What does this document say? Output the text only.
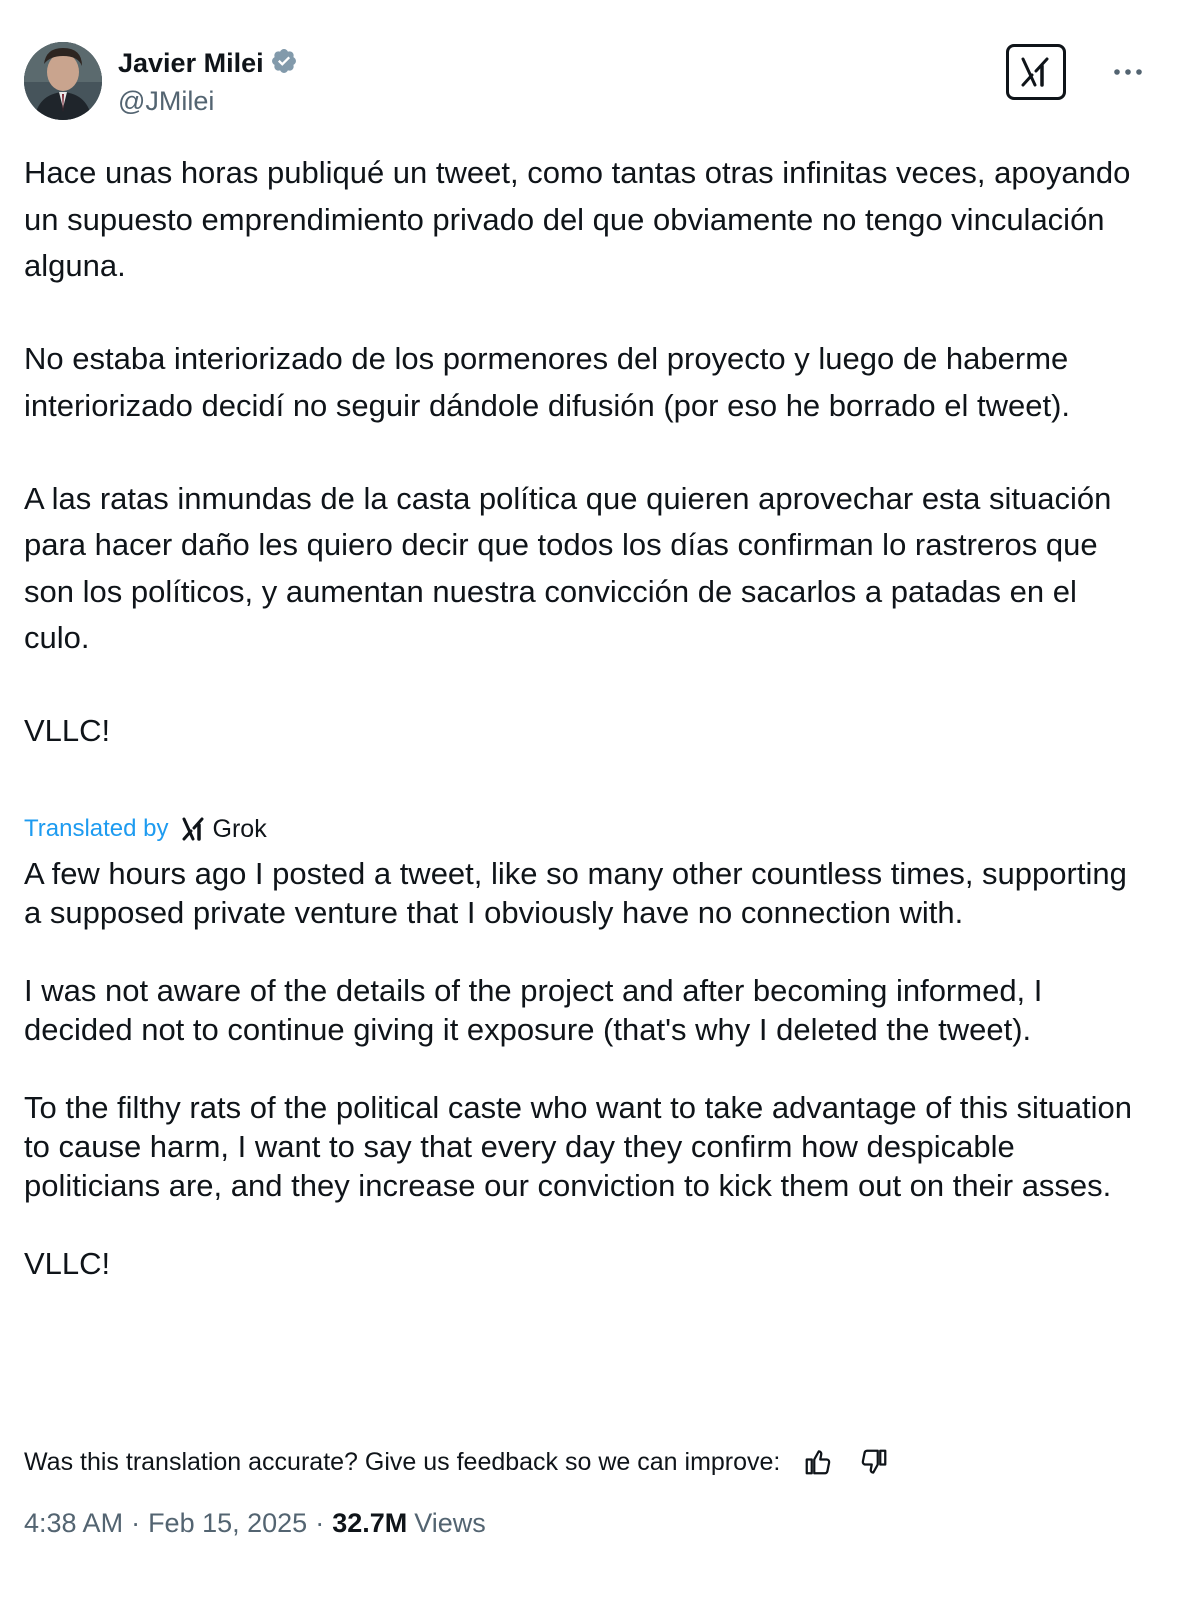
Javier Milei
@JMilei

Hace unas horas publiqué un tweet, como tantas otras infinitas veces, apoyando un supuesto emprendimiento privado del que obviamente no tengo vinculación alguna.

No estaba interiorizado de los pormenores del proyecto y luego de haberme interiorizado decidí no seguir dándole difusión (por eso he borrado el tweet).

A las ratas inmundas de la casta política que quieren aprovechar esta situación para hacer daño les quiero decir que todos los días confirman lo rastreros que son los políticos, y aumentan nuestra convicción de sacarlos a patadas en el culo.

VLLC!

Translated by Grok

A few hours ago I posted a tweet, like so many other countless times, supporting a supposed private venture that I obviously have no connection with.

I was not aware of the details of the project and after becoming informed, I decided not to continue giving it exposure (that's why I deleted the tweet).

To the filthy rats of the political caste who want to take advantage of this situation to cause harm, I want to say that every day they confirm how despicable politicians are, and they increase our conviction to kick them out on their asses.

VLLC!

Was this translation accurate? Give us feedback so we can improve:
4:38 AM · Feb 15, 2025 · 32.7M Views
